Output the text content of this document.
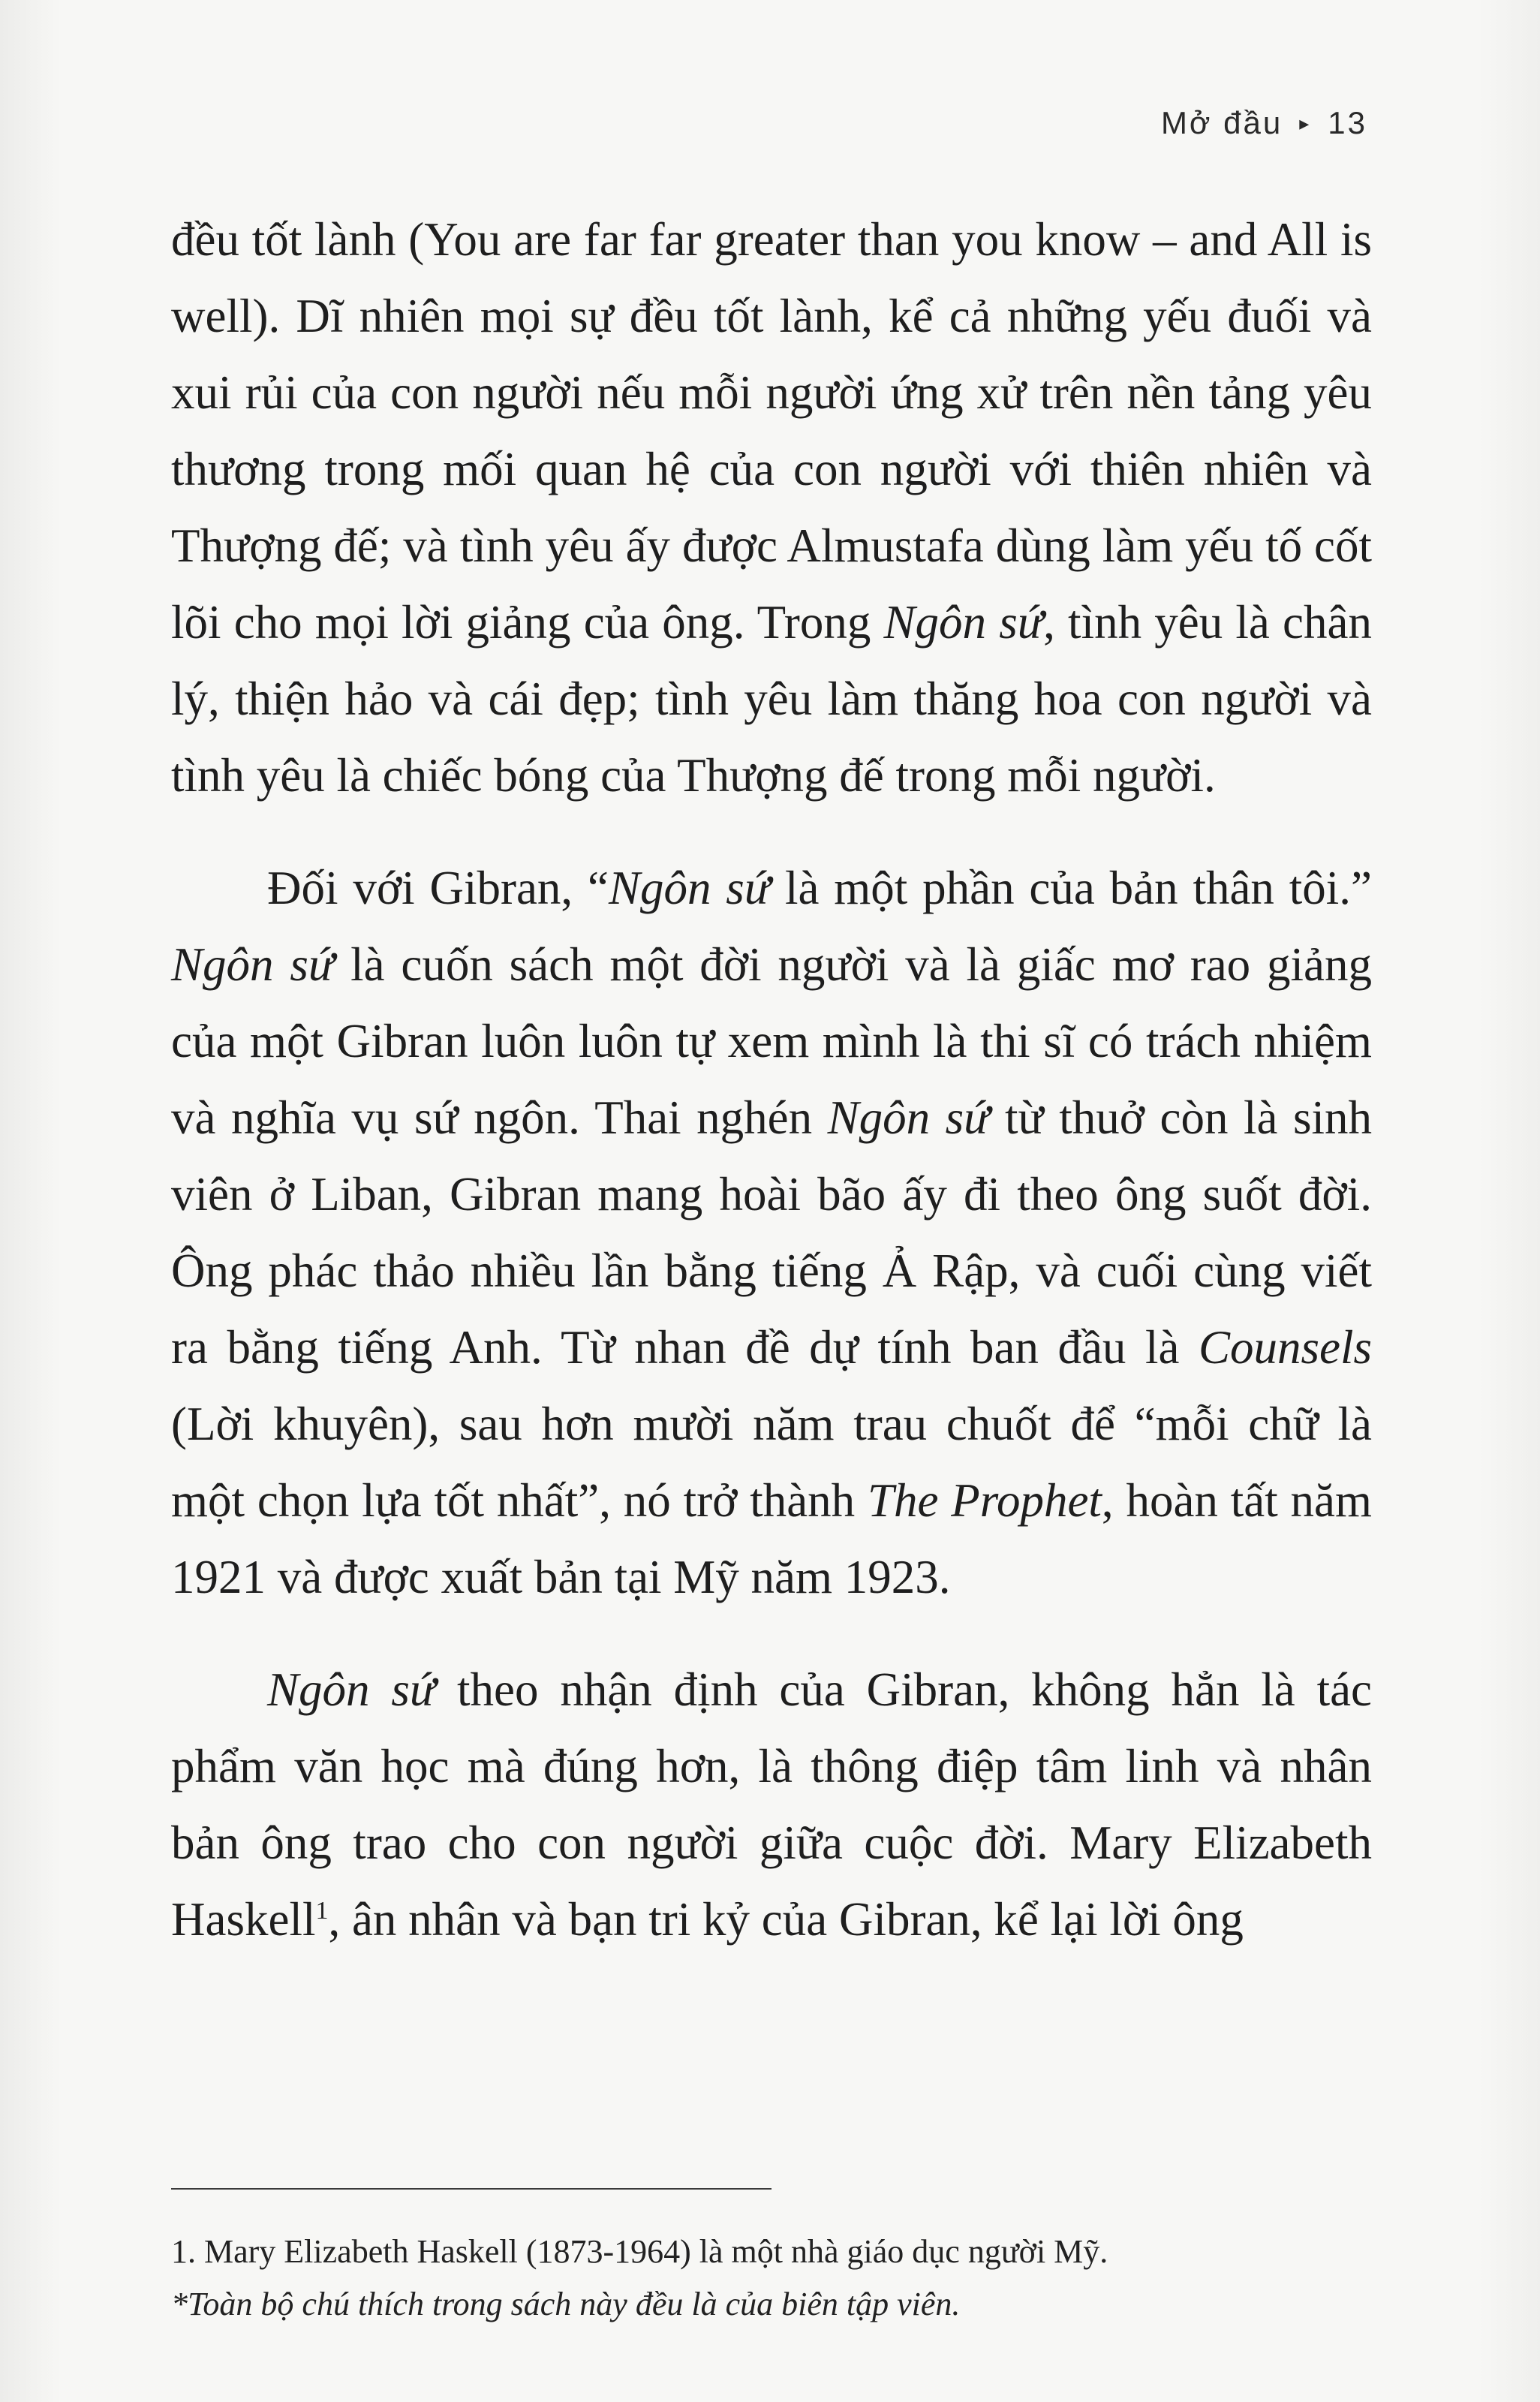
Mở đầu ▸ 13

đều tốt lành (You are far far greater than you know – and All is well). Dĩ nhiên mọi sự đều tốt lành, kể cả những yếu đuối và xui rủi của con người nếu mỗi người ứng xử trên nền tảng yêu thương trong mối quan hệ của con người với thiên nhiên và Thượng đế; và tình yêu ấy được Almustafa dùng làm yếu tố cốt lõi cho mọi lời giảng của ông. Trong Ngôn sứ, tình yêu là chân lý, thiện hảo và cái đẹp; tình yêu làm thăng hoa con người và tình yêu là chiếc bóng của Thượng đế trong mỗi người.

Đối với Gibran, “Ngôn sứ là một phần của bản thân tôi.” Ngôn sứ là cuốn sách một đời người và là giấc mơ rao giảng của một Gibran luôn luôn tự xem mình là thi sĩ có trách nhiệm và nghĩa vụ sứ ngôn. Thai nghén Ngôn sứ từ thuở còn là sinh viên ở Liban, Gibran mang hoài bão ấy đi theo ông suốt đời. Ông phác thảo nhiều lần bằng tiếng Ả Rập, và cuối cùng viết ra bằng tiếng Anh. Từ nhan đề dự tính ban đầu là Counsels (Lời khuyên), sau hơn mười năm trau chuốt để “mỗi chữ là một chọn lựa tốt nhất”, nó trở thành The Prophet, hoàn tất năm 1921 và được xuất bản tại Mỹ năm 1923.

Ngôn sứ theo nhận định của Gibran, không hẳn là tác phẩm văn học mà đúng hơn, là thông điệp tâm linh và nhân bản ông trao cho con người giữa cuộc đời. Mary Elizabeth Haskell$^1$, ân nhân và bạn tri kỷ của Gibran, kể lại lời ông

1. Mary Elizabeth Haskell (1873-1964) là một nhà giáo dục người Mỹ.

*Toàn bộ chú thích trong sách này đều là của biên tập viên.
